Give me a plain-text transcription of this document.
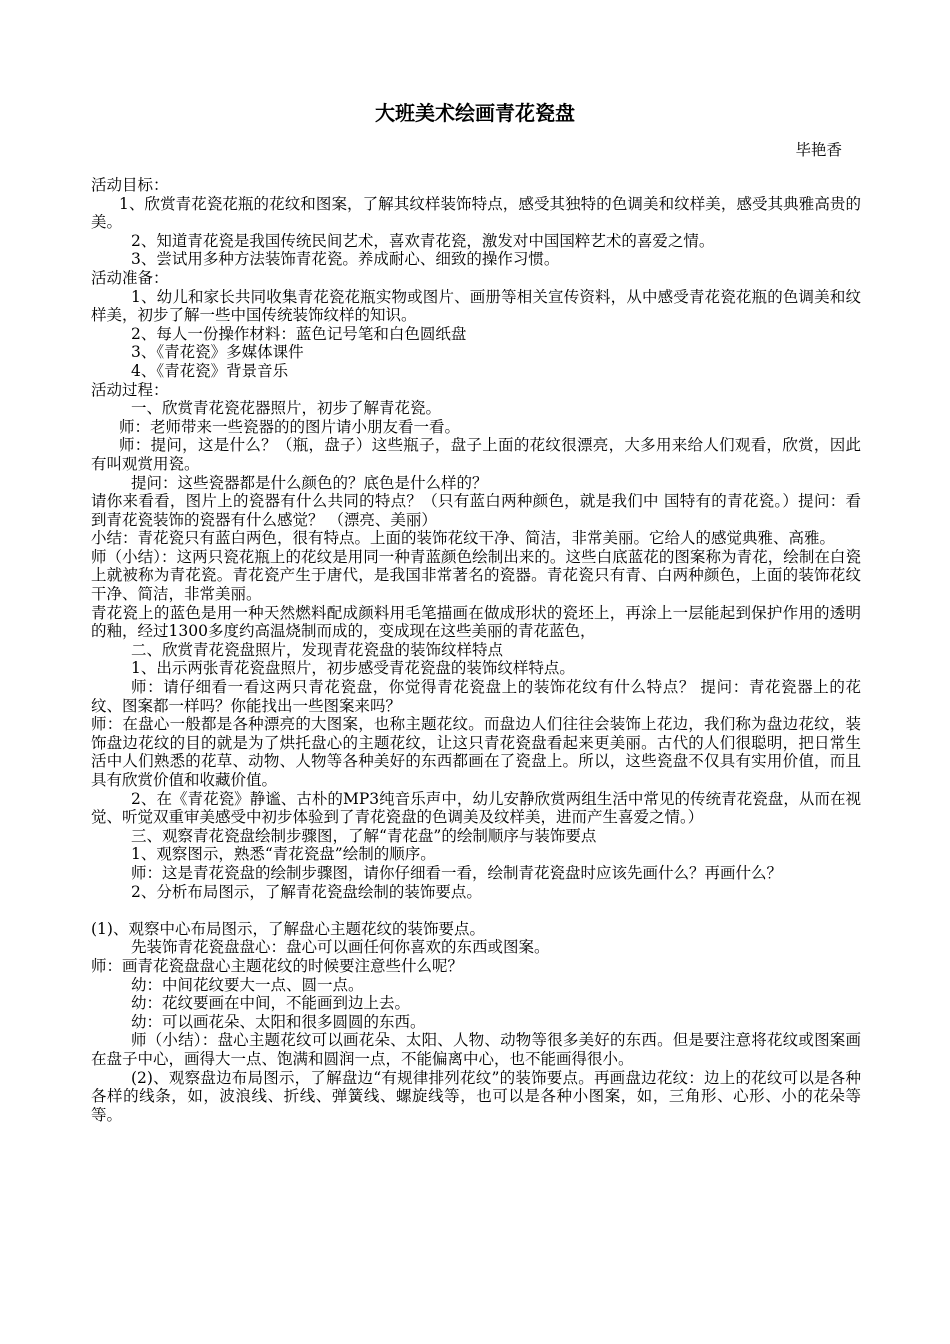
大班美术绘画青花瓷盘
毕艳香

活动目标：

1、欣赏青花瓷花瓶的花纹和图案，了解其纹样装饰特点，感受其独特的色调美和纹样美，感受其典雅高贵的美。

2、知道青花瓷是我国传统民间艺术，喜欢青花瓷，激发对中国国粹艺术的喜爱之情。

3、尝试用多种方法装饰青花瓷。养成耐心、细致的操作习惯。

活动准备：

1、幼儿和家长共同收集青花瓷花瓶实物或图片、画册等相关宣传资料，从中感受青花瓷花瓶的色调美和纹样美，初步了解一些中国传统装饰纹样的知识。

2、每人一份操作材料：蓝色记号笔和白色圆纸盘

3、《青花瓷》多媒体课件

4、《青花瓷》背景音乐

活动过程：

一、欣赏青花瓷花器照片，初步了解青花瓷。

师：老师带来一些瓷器的的图片请小朋友看一看。

师：提问，这是什么？（瓶，盘子）这些瓶子，盘子上面的花纹很漂亮，大多用来给人们观看，欣赏，因此有叫观赏用瓷。

提问：这些瓷器都是什么颜色的？底色是什么样的？

请你来看看，图片上的瓷器有什么共同的特点？（只有蓝白两种颜色，就是我们中 国特有的青花瓷。）提问：看到青花瓷装饰的瓷器有什么感觉？ （漂亮、美丽）

小结：青花瓷只有蓝白两色，很有特点。上面的装饰花纹干净、简洁，非常美丽。它给人的感觉典雅、高雅。

师（小结）：这两只瓷花瓶上的花纹是用同一种青蓝颜色绘制出来的。这些白底蓝花的图案称为青花，绘制在白瓷上就被称为青花瓷。青花瓷产生于唐代，是我国非常著名的瓷器。青花瓷只有青、白两种颜色，上面的装饰花纹干净、简洁，非常美丽。

青花瓷上的蓝色是用一种天然燃料配成颜料用毛笔描画在做成形状的瓷坯上，再涂上一层能起到保护作用的透明的釉，经过1300多度约高温烧制而成的，变成现在这些美丽的青花蓝色，

二、欣赏青花瓷盘照片，发现青花瓷盘的装饰纹样特点

1、出示两张青花瓷盘照片，初步感受青花瓷盘的装饰纹样特点。

师：请仔细看一看这两只青花瓷盘，你觉得青花瓷盘上的装饰花纹有什么特点？ 提问：青花瓷器上的花纹、图案都一样吗？你能找出一些图案来吗？

师：在盘心一般都是各种漂亮的大图案，也称主题花纹。而盘边人们往往会装饰上花边，我们称为盘边花纹，装饰盘边花纹的目的就是为了烘托盘心的主题花纹，让这只青花瓷盘看起来更美丽。古代的人们很聪明，把日常生活中人们熟悉的花草、动物、人物等各种美好的东西都画在了瓷盘上。所以，这些瓷盘不仅具有实用价值，而且具有欣赏价值和收藏价值。

2、在《青花瓷》静谧、古朴的MP3纯音乐声中，幼儿安静欣赏两组生活中常见的传统青花瓷盘，从而在视觉、听觉双重审美感受中初步体验到了青花瓷盘的色调美及纹样美，进而产生喜爱之情。）

三、观察青花瓷盘绘制步骤图，了解“青花盘”的绘制顺序与装饰要点

1、观察图示，熟悉“青花瓷盘”绘制的顺序。

师：这是青花瓷盘的绘制步骤图，请你仔细看一看，绘制青花瓷盘时应该先画什么？再画什么？

2、分析布局图示，了解青花瓷盘绘制的装饰要点。

(1)、观察中心布局图示，了解盘心主题花纹的装饰要点。

先装饰青花瓷盘盘心：盘心可以画任何你喜欢的东西或图案。

师：画青花瓷盘盘心主题花纹的时候要注意些什么呢？

幼：中间花纹要大一点、圆一点。

幼：花纹要画在中间，不能画到边上去。

幼：可以画花朵、太阳和很多圆圆的东西。

师（小结）：盘心主题花纹可以画花朵、太阳、人物、动物等很多美好的东西。但是要注意将花纹或图案画在盘子中心，画得大一点、饱满和圆润一点，不能偏离中心，也不能画得很小。

(2)、观察盘边布局图示，了解盘边“有规律排列花纹”的装饰要点。再画盘边花纹：边上的花纹可以是各种各样的线条，如，波浪线、折线、弹簧线、螺旋线等，也可以是各种小图案，如，三角形、心形、小的花朵等等。
